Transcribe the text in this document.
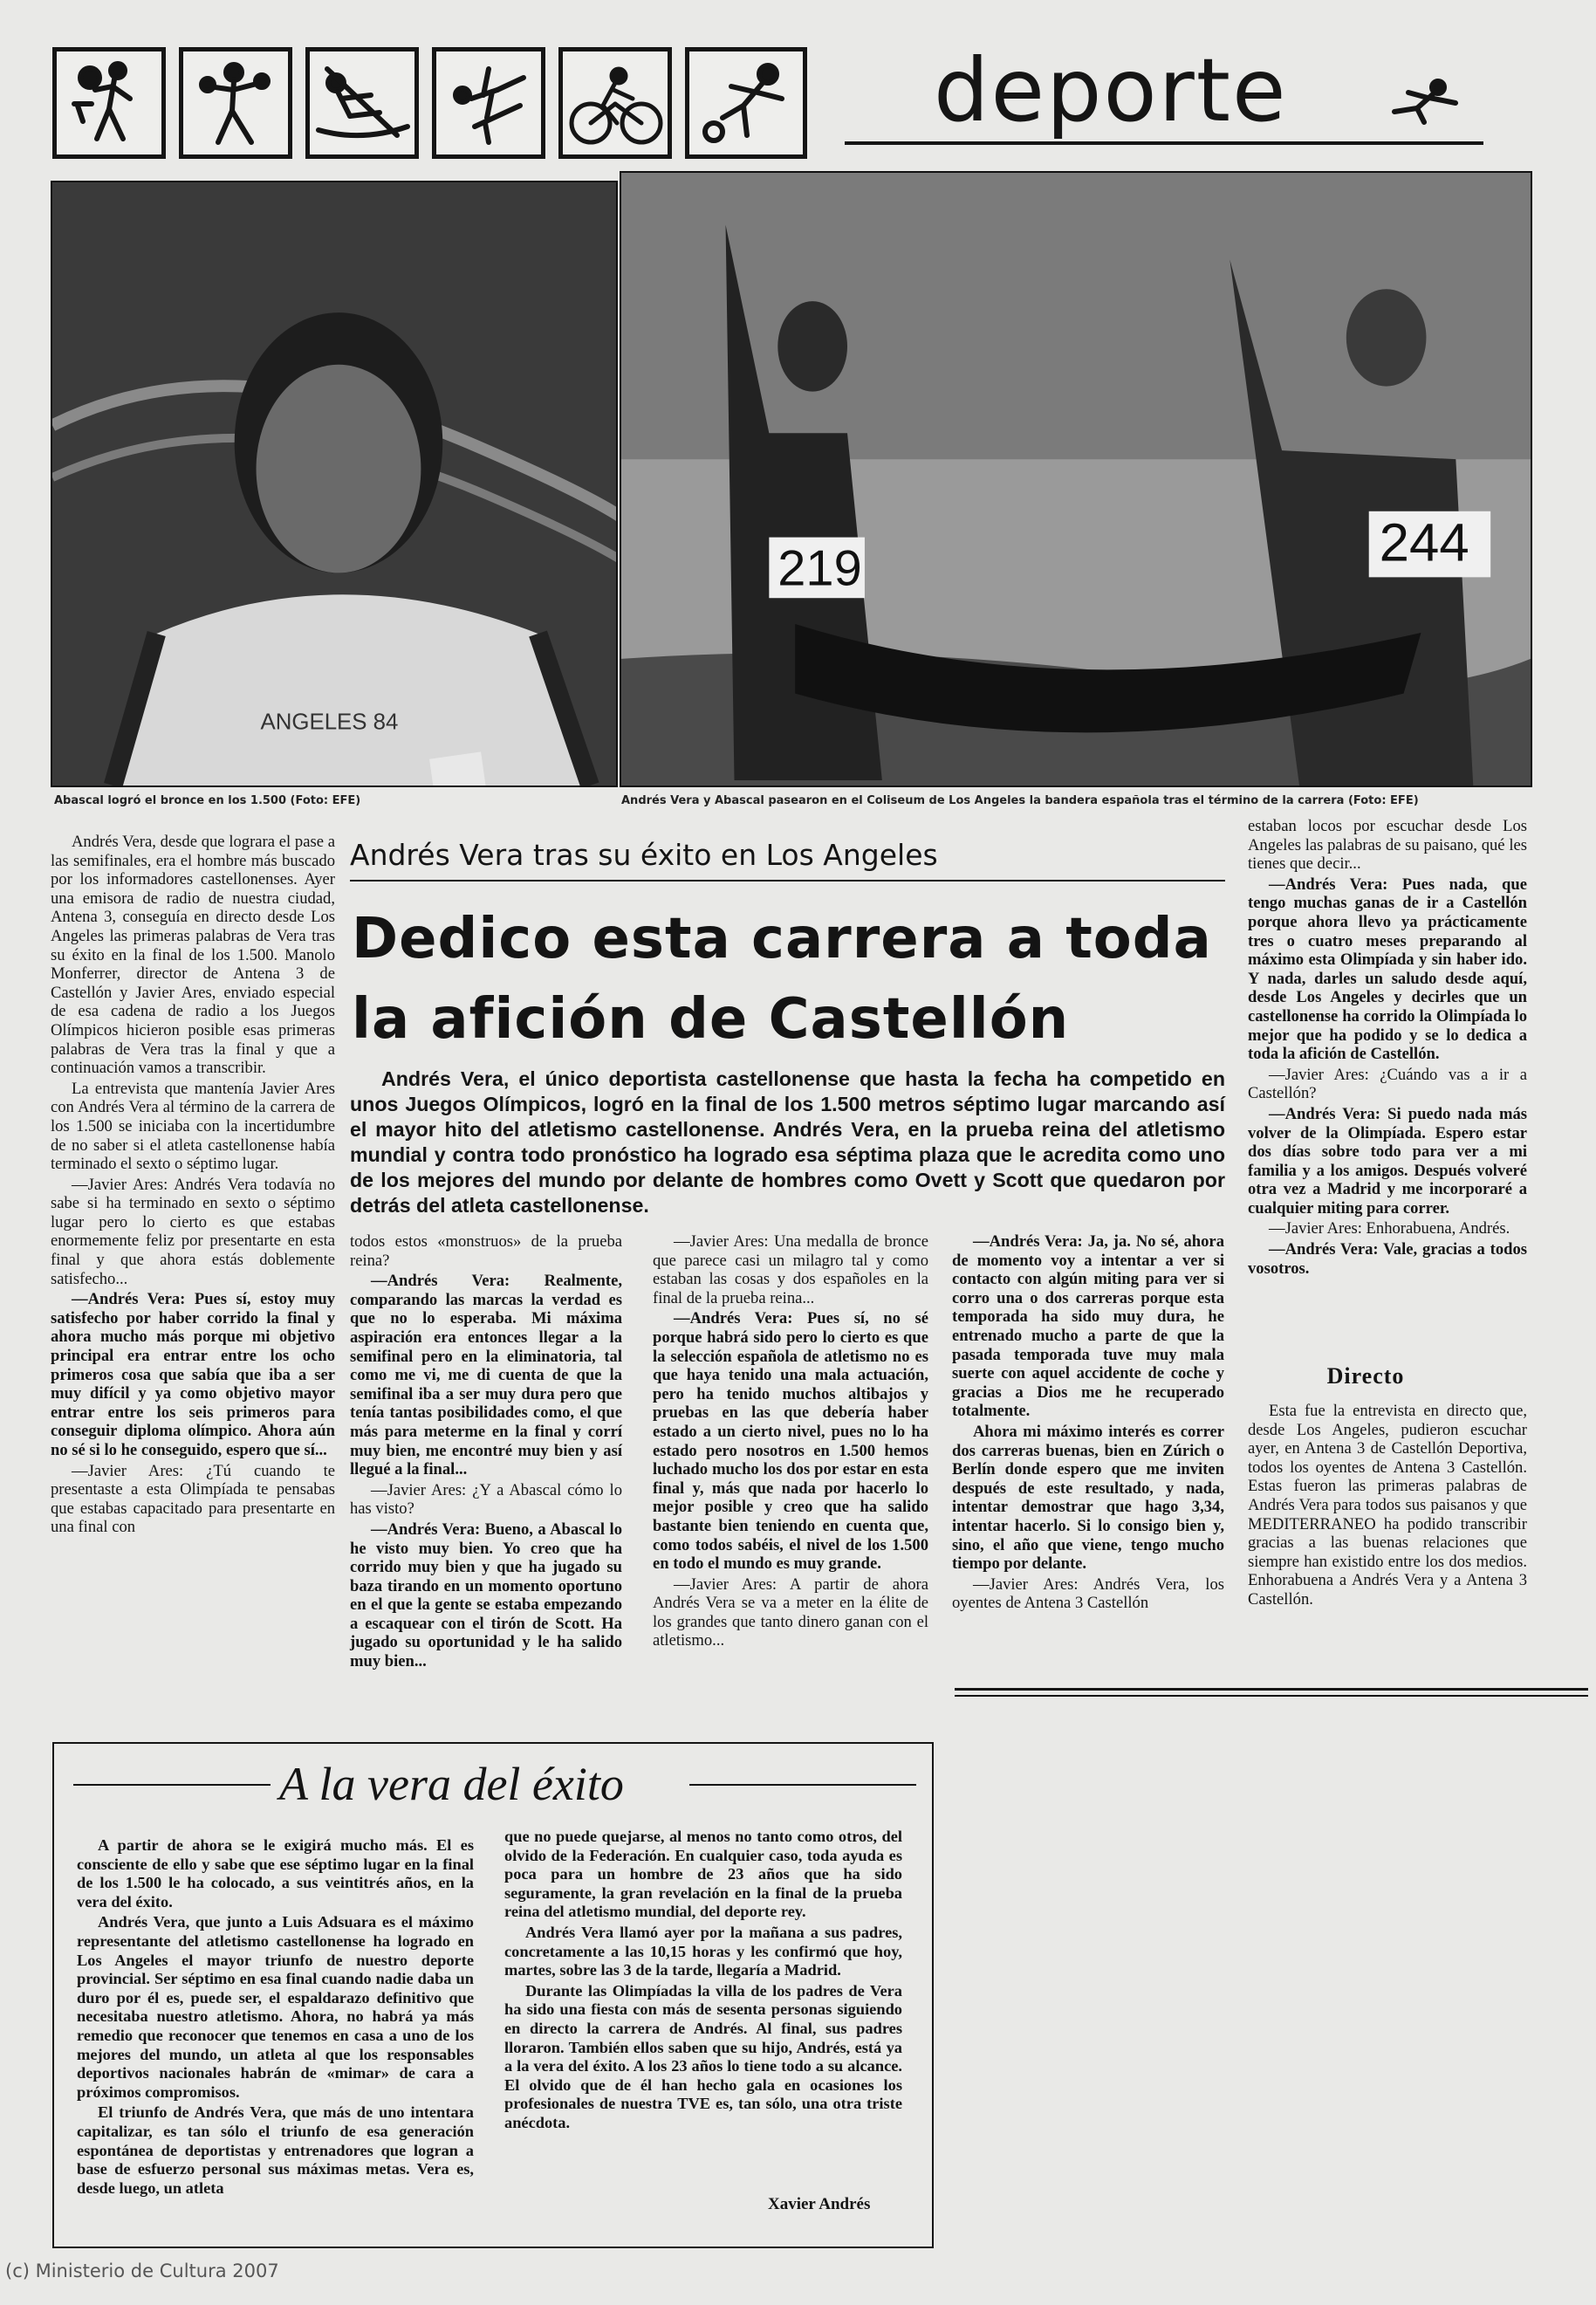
deporte
ANGELES 84
219	244
Abascal logró el bronce en los 1.500 (Foto: EFE)	Andrés Vera y Abascal pasearon en el Coliseum de Los Angeles la bandera española tras el término de la carrera (Foto: EFE)

Andrés Vera, desde que lograra el pase a las semifinales, era el hombre más buscado por los informadores castellonenses. Ayer una emisora de radio de nuestra ciudad, Antena 3, conseguía en directo desde Los Angeles las primeras palabras de Vera tras su éxito en la final de los 1.500. Manolo Monferrer, director de Antena 3 de Castellón y Javier Ares, enviado especial de esa cadena de radio a los Juegos Olímpicos hicieron posible esas primeras palabras de Vera tras la final y que a continuación vamos a transcribir.

La entrevista que mantenía Javier Ares con Andrés Vera al término de la carrera de los 1.500 se iniciaba con la incertidumbre de no saber si el atleta castellonense había terminado el sexto o séptimo lugar.

—Javier Ares: Andrés Vera todavía no sabe si ha terminado en sexto o séptimo lugar pero lo cierto es que estabas enormemente feliz por presentarte en esta final y que ahora estás doblemente satisfecho...

—Andrés Vera: Pues sí, estoy muy satisfecho por haber corrido la final y ahora mucho más porque mi objetivo principal era entrar entre los ocho primeros cosa que sabía que iba a ser muy difícil y ya como objetivo mayor entrar entre los seis primeros para conseguir diploma olímpico. Ahora aún no sé si lo he conseguido, espero que sí...

—Javier Ares: ¿Tú cuando te presentaste a esta Olimpíada te pensabas que estabas capacitado para presentarte en una final con

Andrés Vera tras su éxito en Los Angeles
Dedico esta carrera a toda
la afición de Castellón

Andrés Vera, el único deportista castellonense que hasta la fecha ha competido en unos Juegos Olímpicos, logró en la final de los 1.500 metros séptimo lugar marcando así el mayor hito del atletismo castellonense. Andrés Vera, en la prueba reina del atletismo mundial y contra todo pronóstico ha logrado esa séptima plaza que le acredita como uno de los mejores del mundo por delante de hombres como Ovett y Scott que quedaron por detrás del atleta castellonense.

todos estos «monstruos» de la prueba reina?

—Andrés Vera: Realmente, comparando las marcas la verdad es que no lo esperaba. Mi máxima aspiración era entonces llegar a la semifinal pero en la eliminatoria, tal como me vi, me di cuenta de que la semifinal iba a ser muy dura pero que tenía tantas posibilidades como, el que más para meterme en la final y corrí muy bien, me encontré muy bien y así llegué a la final...

—Javier Ares: ¿Y a Abascal cómo lo has visto?

—Andrés Vera: Bueno, a Abascal lo he visto muy bien. Yo creo que ha corrido muy bien y que ha jugado su baza tirando en un momento oportuno en el que la gente se estaba empezando a escaquear con el tirón de Scott. Ha jugado su oportunidad y le ha salido muy bien...

—Javier Ares: Una medalla de bronce que parece casi un milagro tal y como estaban las cosas y dos españoles en la final de la prueba reina...

—Andrés Vera: Pues sí, no sé porque habrá sido pero lo cierto es que la selección española de atletismo no es que haya tenido una mala actuación, pero ha tenido muchos altibajos y pruebas en las que debería haber estado a un cierto nivel, pues no lo ha estado pero nosotros en 1.500 hemos luchado mucho los dos por estar en esta final y, más que nada por hacerlo lo mejor posible y creo que ha salido bastante bien teniendo en cuenta que, como todos sabéis, el nivel de los 1.500 en todo el mundo es muy grande.

—Javier Ares: A partir de ahora Andrés Vera se va a meter en la élite de los grandes que tanto dinero ganan con el atletismo...

—Andrés Vera: Ja, ja. No sé, ahora de momento voy a intentar a ver si contacto con algún miting para ver si corro una o dos carreras porque esta temporada ha sido muy dura, he entrenado mucho a parte de que la pasada temporada tuve muy mala suerte con aquel accidente de coche y gracias a Dios me he recuperado totalmente.

Ahora mi máximo interés es correr dos carreras buenas, bien en Zúrich o Berlín donde espero que me inviten después de este resultado, y nada, intentar demostrar que hago 3,34, intentar hacerlo. Si lo consigo bien y, sino, el año que viene, tengo mucho tiempo por delante.

—Javier Ares: Andrés Vera, los oyentes de Antena 3 Castellón

estaban locos por escuchar desde Los Angeles las palabras de su paisano, qué les tienes que decir...

—Andrés Vera: Pues nada, que tengo muchas ganas de ir a Castellón porque ahora llevo ya prácticamente tres o cuatro meses preparando al máximo esta Olimpíada y sin haber ido. Y nada, darles un saludo desde aquí, desde Los Angeles y decirles que un castellonense ha corrido la Olimpíada lo mejor que ha podido y se lo dedica a toda la afición de Castellón.

—Javier Ares: ¿Cuándo vas a ir a Castellón?

—Andrés Vera: Si puedo nada más volver de la Olimpíada. Espero estar dos días sobre todo para ver a mi familia y a los amigos. Después volveré otra vez a Madrid y me incorporaré a cualquier miting para correr.

—Javier Ares: Enhorabuena, Andrés.

—Andrés Vera: Vale, gracias a todos vosotros.

Directo

Esta fue la entrevista en directo que, desde Los Angeles, pudieron escuchar ayer, en Antena 3 de Castellón Deportiva, todos los oyentes de Antena 3 Castellón. Estas fueron las primeras palabras de Andrés Vera para todos sus paisanos y que MEDITERRANEO ha podido transcribir gracias a las buenas relaciones que siempre han existido entre los dos medios. Enhorabuena a Andrés Vera y a Antena 3 Castellón.

A la vera del éxito

A partir de ahora se le exigirá mucho más. El es consciente de ello y sabe que ese séptimo lugar en la final de los 1.500 le ha colocado, a sus veintitrés años, en la vera del éxito.

Andrés Vera, que junto a Luis Adsuara es el máximo representante del atletismo castellonense ha logrado en Los Angeles el mayor triunfo de nuestro deporte provincial. Ser séptimo en esa final cuando nadie daba un duro por él es, puede ser, el espaldarazo definitivo que necesitaba nuestro atletismo. Ahora, no habrá ya más remedio que reconocer que tenemos en casa a uno de los mejores del mundo, un atleta al que los responsables deportivos nacionales habrán de «mimar» de cara a próximos compromisos.

El triunfo de Andrés Vera, que más de uno intentara capitalizar, es tan sólo el triunfo de esa generación espontánea de deportistas y entrenadores que logran a base de esfuerzo personal sus máximas metas. Vera es, desde luego, un atleta

que no puede quejarse, al menos no tanto como otros, del olvido de la Federación. En cualquier caso, toda ayuda es poca para un hombre de 23 años que ha sido seguramente, la gran revelación en la final de la prueba reina del atletismo mundial, del deporte rey.

Andrés Vera llamó ayer por la mañana a sus padres, concretamente a las 10,15 horas y les confirmó que hoy, martes, sobre las 3 de la tarde, llegaría a Madrid.

Durante las Olimpíadas la villa de los padres de Vera ha sido una fiesta con más de sesenta personas siguiendo en directo la carrera de Andrés. Al final, sus padres lloraron. También ellos saben que su hijo, Andrés, está ya a la vera del éxito. A los 23 años lo tiene todo a su alcance. El olvido que de él han hecho gala en ocasiones los profesionales de nuestra TVE es, tan sólo, una otra triste anécdota.

Xavier Andrés
(c) Ministerio de Cultura 2007
